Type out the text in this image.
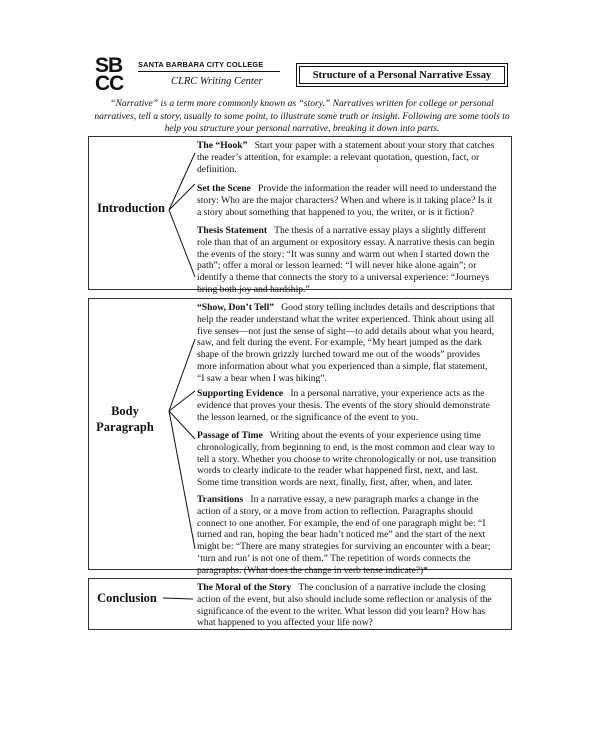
SB
CC
SANTA BARBARA CITY COLLEGE
CLRC Writing Center
Structure of a Personal Narrative Essay
“Narrative” is a term more commonly known as “story.” Narratives written for college or personal narratives, tell a story, usually to some point, to illustrate some truth or insight. Following are some tools to help you structure your personal narrative, breaking it down into parts.
Introduction
The “Hook” Start your paper with a statement about your story that catches the reader’s attention, for example: a relevant quotation, question, fact, or definition.
Set the Scene Provide the information the reader will need to understand the story: Who are the major characters? When and where is it taking place? Is it a story about something that happened to you, the writer, or is it fiction?
Thesis Statement The thesis of a narrative essay plays a slightly different role than that of an argument or expository essay. A narrative thesis can begin the events of the story: “It was sunny and warm out when I started down the path”; offer a moral or lesson learned: “I will never hike alone again”; or identify a theme that connects the story to a universal experience: “Journeys bring both joy and hardship.”
Body Paragraph
“Show, Don’t Tell” Good story telling includes details and descriptions that help the reader understand what the writer experienced. Think about using all five senses—not just the sense of sight—to add details about what you heard, saw, and felt during the event. For example, “My heart jumped as the dark shape of the brown grizzly lurched toward me out of the woods” provides more information about what you experienced than a simple, flat statement, “I saw a bear when I was hiking”.
Supporting Evidence In a personal narrative, your experience acts as the evidence that proves your thesis. The events of the story should demonstrate the lesson learned, or the significance of the event to you.
Passage of Time Writing about the events of your experience using time chronologically, from beginning to end, is the most common and clear way to tell a story. Whether you choose to write chronologically or not, use transition words to clearly indicate to the reader what happened first, next, and last. Some time transition words are next, finally, first, after, when, and later.
Transitions In a narrative essay, a new paragraph marks a change in the action of a story, or a move from action to reflection. Paragraphs should connect to one another. For example, the end of one paragraph might be: “I turned and ran, hoping the bear hadn’t noticed me” and the start of the next might be: “There are many strategies for surviving an encounter with a bear; ‘turn and run’ is not one of them.” The repetition of words connects the paragraphs. (What does the change in verb tense indicate?)*
Conclusion
The Moral of the Story The conclusion of a narrative include the closing action of the event, but also should include some reflection or analysis of the significance of the event to the writer. What lesson did you learn? How has what happened to you affected your life now?
